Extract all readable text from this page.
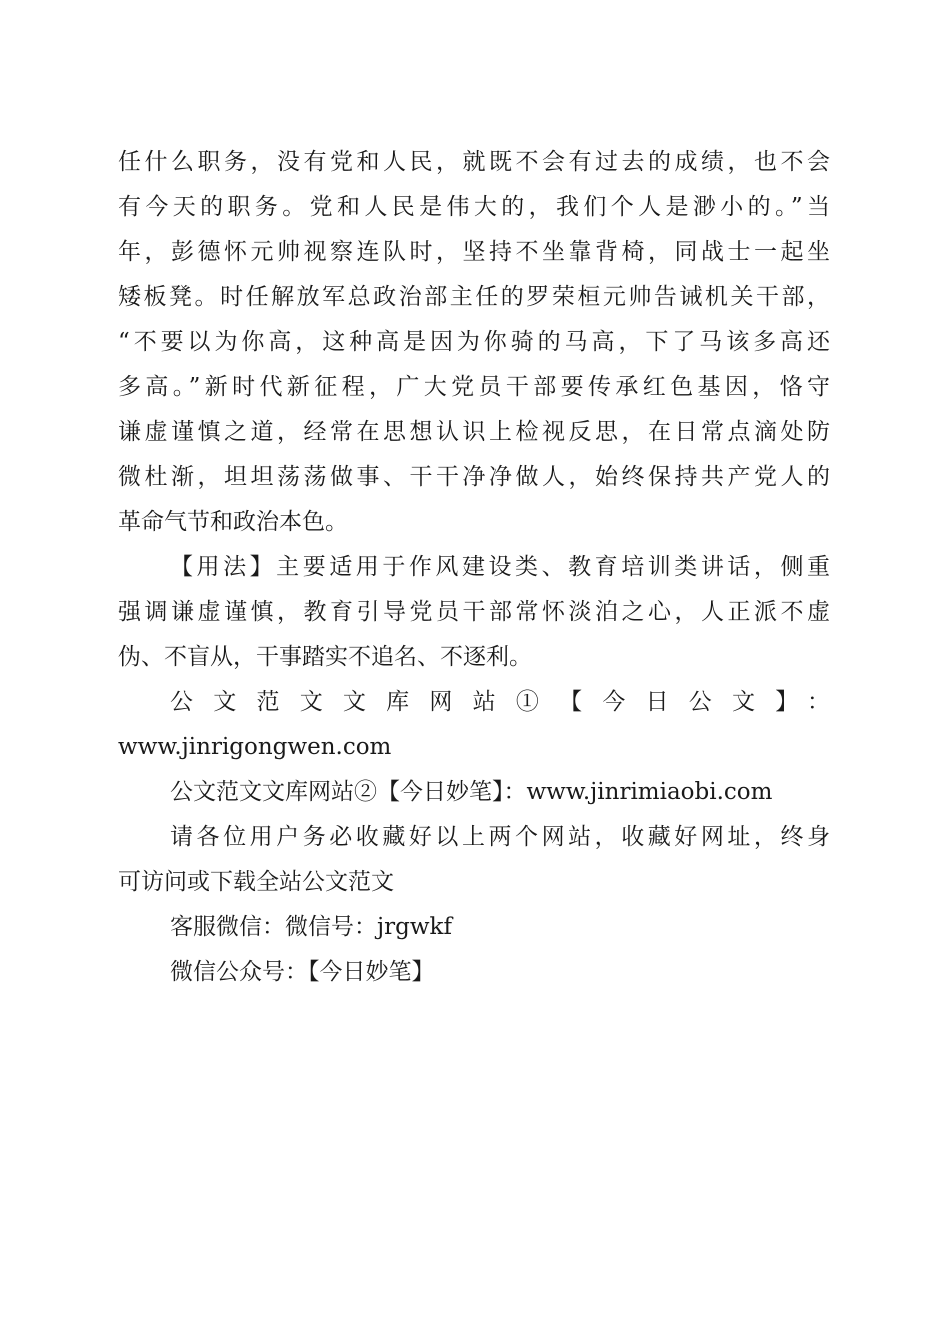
任什么职务，没有党和人民，就既不会有过去的成绩，也不会
有今天的职务。党和人民是伟大的，我们个人是渺小的。”当
年，彭德怀元帅视察连队时，坚持不坐靠背椅，同战士一起坐
矮板凳。时任解放军总政治部主任的罗荣桓元帅告诫机关干部，
“不要以为你高，这种高是因为你骑的马高，下了马该多高还
多高。”新时代新征程，广大党员干部要传承红色基因，恪守
谦虚谨慎之道，经常在思想认识上检视反思，在日常点滴处防
微杜渐，坦坦荡荡做事、干干净净做人，始终保持共产党人的
革命气节和政治本色。
【用法】主要适用于作风建设类、教育培训类讲话，侧重
强调谦虚谨慎，教育引导党员干部常怀淡泊之心，人正派不虚
伪、不盲从，干事踏实不追名、不逐利。
公文范文文库网站①【今日公文】：
www.jinrigongwen.com
公文范文文库网站②【今日妙笔】：www.jinrimiaobi.com
请各位用户务必收藏好以上两个网站，收藏好网址，终身
可访问或下载全站公文范文
客服微信：微信号：jrgwkf
微信公众号：【今日妙笔】
